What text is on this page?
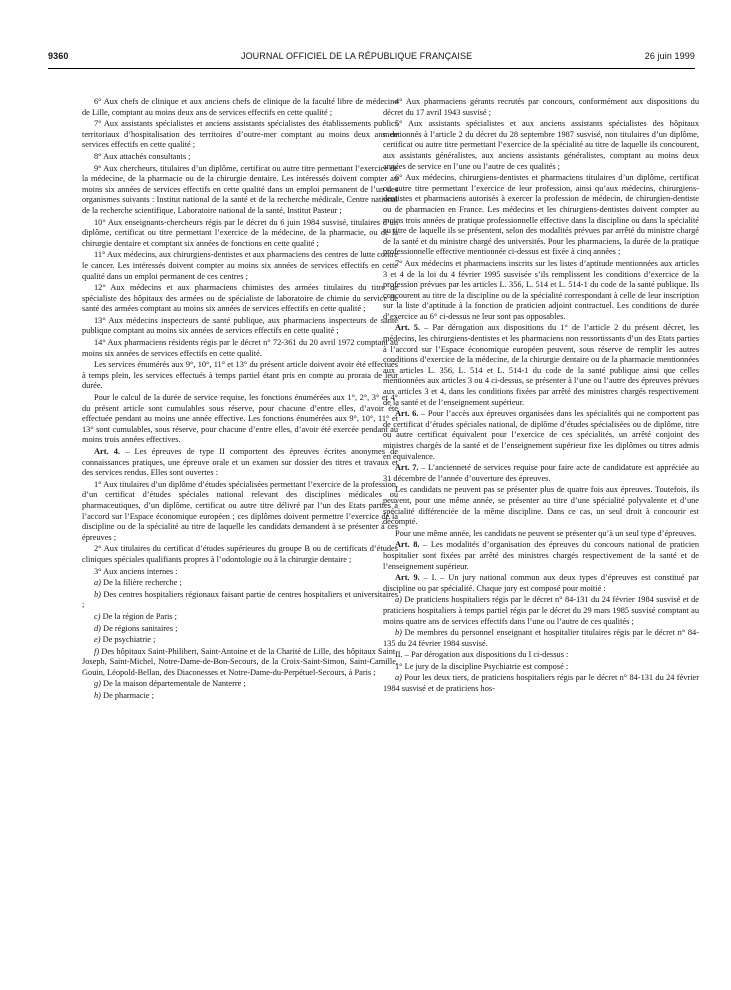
9360	JOURNAL OFFICIEL DE LA RÉPUBLIQUE FRANÇAISE	26 juin 1999

6° Aux chefs de clinique et aux anciens chefs de clinique de la faculté libre de médecine de Lille, comptant au moins deux ans de services effectifs en cette qualité ;

7° Aux assistants spécialistes et anciens assistants spécialistes des établissements publics territoriaux d’hospitalisation des territoires d’outre-mer comptant au moins deux ans de services effectifs en cette qualité ;

8° Aux attachés consultants ;

9° Aux chercheurs, titulaires d’un diplôme, certificat ou autre titre permettant l’exercice de la médecine, de la pharmacie ou de la chirurgie dentaire. Les intéressés doivent compter au moins six années de services effectifs en cette qualité dans un emploi permanent de l’un des organismes suivants : Institut national de la santé et de la recherche médicale, Centre national de la recherche scientifique, Laboratoire national de la santé, Institut Pasteur ;

10° Aux enseignants-chercheurs régis par le décret du 6 juin 1984 susvisé, titulaires d’un diplôme, certificat ou titre permettant l’exercice de la médecine, de la pharmacie, ou de la chirurgie dentaire et comptant six années de fonctions en cette qualité ;

11° Aux médecins, aux chirurgiens-dentistes et aux pharmaciens des centres de lutte contre le cancer. Les intéressés doivent compter au moins six années de services effectifs en cette qualité dans un emploi permanent de ces centres ;

12° Aux médecins et aux pharmaciens chimistes des armées titulaires du titre de spécialiste des hôpitaux des armées ou de spécialiste de laboratoire de chimie du service de santé des armées comptant au moins six années de services effectifs en cette qualité ;

13° Aux médecins inspecteurs de santé publique, aux pharmaciens inspecteurs de santé publique comptant au moins six années de services effectifs en cette qualité ;

14° Aux pharmaciens résidents régis par le décret n° 72-361 du 20 avril 1972 comptant au moins six années de services effectifs en cette qualité.

Les services énumérés aux 9°, 10°, 11° et 13° du présent article doivent avoir été effectués à temps plein, les services effectués à temps partiel étant pris en compte au prorata de leur durée.

Pour le calcul de la durée de service requise, les fonctions énumérées aux 1°, 2°, 3° et 4° du présent article sont cumulables sous réserve, pour chacune d’entre elles, d’avoir été effectuée pendant au moins une année effective. Les fonctions énumérées aux 9°, 10°, 11° et 13° sont cumulables, sous réserve, pour chacune d’entre elles, d’avoir été exercée pendant au moins trois années effectives.

Art. 4. – Les épreuves de type II comportent des épreuves écrites anonymes de connaissances pratiques, une épreuve orale et un examen sur dossier des titres et travaux et des services rendus. Elles sont ouvertes :

1° Aux titulaires d’un diplôme d’études spécialisées permettant l’exercice de la profession, d’un certificat d’études spéciales national relevant des disciplines médicales ou pharmaceutiques, d’un diplôme, certificat ou autre titre délivré par l’un des Etats parties à l’accord sur l’Espace économique européen ; ces diplômes doivent permettre l’exercice de la discipline ou de la spécialité au titre de laquelle les candidats demandent à se présenter à ces épreuves ;

2° Aux titulaires du certificat d’études supérieures du groupe B ou de certificats d’études cliniques spéciales qualifiants propres à l’odontologie ou à la chirurgie dentaire ;

3° Aux anciens internes :

a) De la filière recherche ;

b) Des centres hospitaliers régionaux faisant partie de centres hospitaliers et universitaires ;

c) De la région de Paris ;

d) De régions sanitaires ;

e) De psychiatrie ;

f) Des hôpitaux Saint-Philibert, Saint-Antoine et de la Charité de Lille, des hôpitaux Saint-Joseph, Saint-Michel, Notre-Dame-de-Bon-Secours, de la Croix-Saint-Simon, Saint-Camille, Gouin, Léopold-Bellan, des Diaconesses et Notre-Dame-du-Perpétuel-Secours, à Paris ;

g) De la maison départementale de Nanterre ;

h) De pharmacie ;

4° Aux pharmaciens gérants recrutés par concours, conformément aux dispositions du décret du 17 avril 1943 susvisé ;

5° Aux assistants spécialistes et aux anciens assistants spécialistes des hôpitaux mentionnés à l’article 2 du décret du 28 septembre 1987 susvisé, non titulaires d’un diplôme, certificat ou autre titre permettant l’exercice de la spécialité au titre de laquelle ils concourent, aux assistants généralistes, aux anciens assistants généralistes, comptant au moins deux années de service en l’une ou l’autre de ces qualités ;

6° Aux médecins, chirurgiens-dentistes et pharmaciens titulaires d’un diplôme, certificat ou autre titre permettant l’exercice de leur profession, ainsi qu’aux médecins, chirurgiens-dentistes et pharmaciens autorisés à exercer la profession de médecin, de chirurgien-dentiste ou de pharmacien en France. Les médecins et les chirurgiens-dentistes doivent compter au moins trois années de pratique professionnelle effective dans la discipline ou dans la spécialité au titre de laquelle ils se présentent, selon des modalités prévues par arrêté du ministre chargé de la santé et du ministre chargé des universités. Pour les pharmaciens, la durée de la pratique professionnelle effective mentionnée ci-dessus est fixée à cinq années ;

7° Aux médecins et pharmaciens inscrits sur les listes d’aptitude mentionnées aux articles 3 et 4 de la loi du 4 février 1995 susvisée s’ils remplissent les conditions d’exercice de la profession prévues par les articles L. 356, L. 514 et L. 514-1 du code de la santé publique. Ils concourent au titre de la discipline ou de la spécialité correspondant à celle de leur inscription sur la liste d’aptitude à la fonction de praticien adjoint contractuel. Les conditions de durée d’exercice au 6° ci-dessus ne leur sont pas opposables.

Art. 5. – Par dérogation aux dispositions du 1° de l’article 2 du présent décret, les médecins, les chirurgiens-dentistes et les pharmaciens non ressortissants d’un des Etats parties à l’accord sur l’Espace économique européen peuvent, sous réserve de remplir les autres conditions d’exercice de la médecine, de la chirurgie dentaire ou de la pharmacie mentionnées aux articles L. 356, L. 514 et L. 514-1 du code de la santé publique ainsi que celles mentionnées aux articles 3 ou 4 ci-dessus, se présenter à l’une ou l’autre des épreuves prévues aux articles 3 et 4, dans les conditions fixées par arrêté des ministres chargés respectivement de la santé et de l’enseignement supérieur.

Art. 6. – Pour l’accès aux épreuves organisées dans les spécialités qui ne comportent pas de certificat d’études spéciales national, de diplôme d’études spécialisées ou de diplôme, titre ou autre certificat équivalent pour l’exercice de ces spécialités, un arrêté conjoint des ministres chargés de la santé et de l’enseignement supérieur fixe les diplômes ou titres admis en équivalence.

Art. 7. – L’ancienneté de services requise pour faire acte de candidature est appréciée au 31 décembre de l’année d’ouverture des épreuves.

Les candidats ne peuvent pas se présenter plus de quatre fois aux épreuves. Toutefois, ils peuvent, pour une même année, se présenter au titre d’une spécialité polyvalente et d’une spécialité différenciée de la même discipline. Dans ce cas, un seul droit à concourir est décompté.

Pour une même année, les candidats ne peuvent se présenter qu’à un seul type d’épreuves.

Art. 8. – Les modalités d’organisation des épreuves du concours national de praticien hospitalier sont fixées par arrêté des ministres chargés respectivement de la santé et de l’enseignement supérieur.

Art. 9. – I. – Un jury national commun aux deux types d’épreuves est constitué par discipline ou par spécialité. Chaque jury est composé pour moitié :

a) De praticiens hospitaliers régis par le décret n° 84-131 du 24 février 1984 susvisé et de praticiens hospitaliers à temps partiel régis par le décret du 29 mars 1985 susvisé comptant au moins quatre ans de services effectifs dans l’une ou l’autre de ces qualités ;

b) De membres du personnel enseignant et hospitalier titulaires régis par le décret n° 84-135 du 24 février 1984 susvisé.

II. – Par dérogation aux dispositions du I ci-dessus :

1° Le jury de la discipline Psychiatrie est composé :

a) Pour les deux tiers, de praticiens hospitaliers régis par le décret n° 84-131 du 24 février 1984 susvisé et de praticiens hos-
